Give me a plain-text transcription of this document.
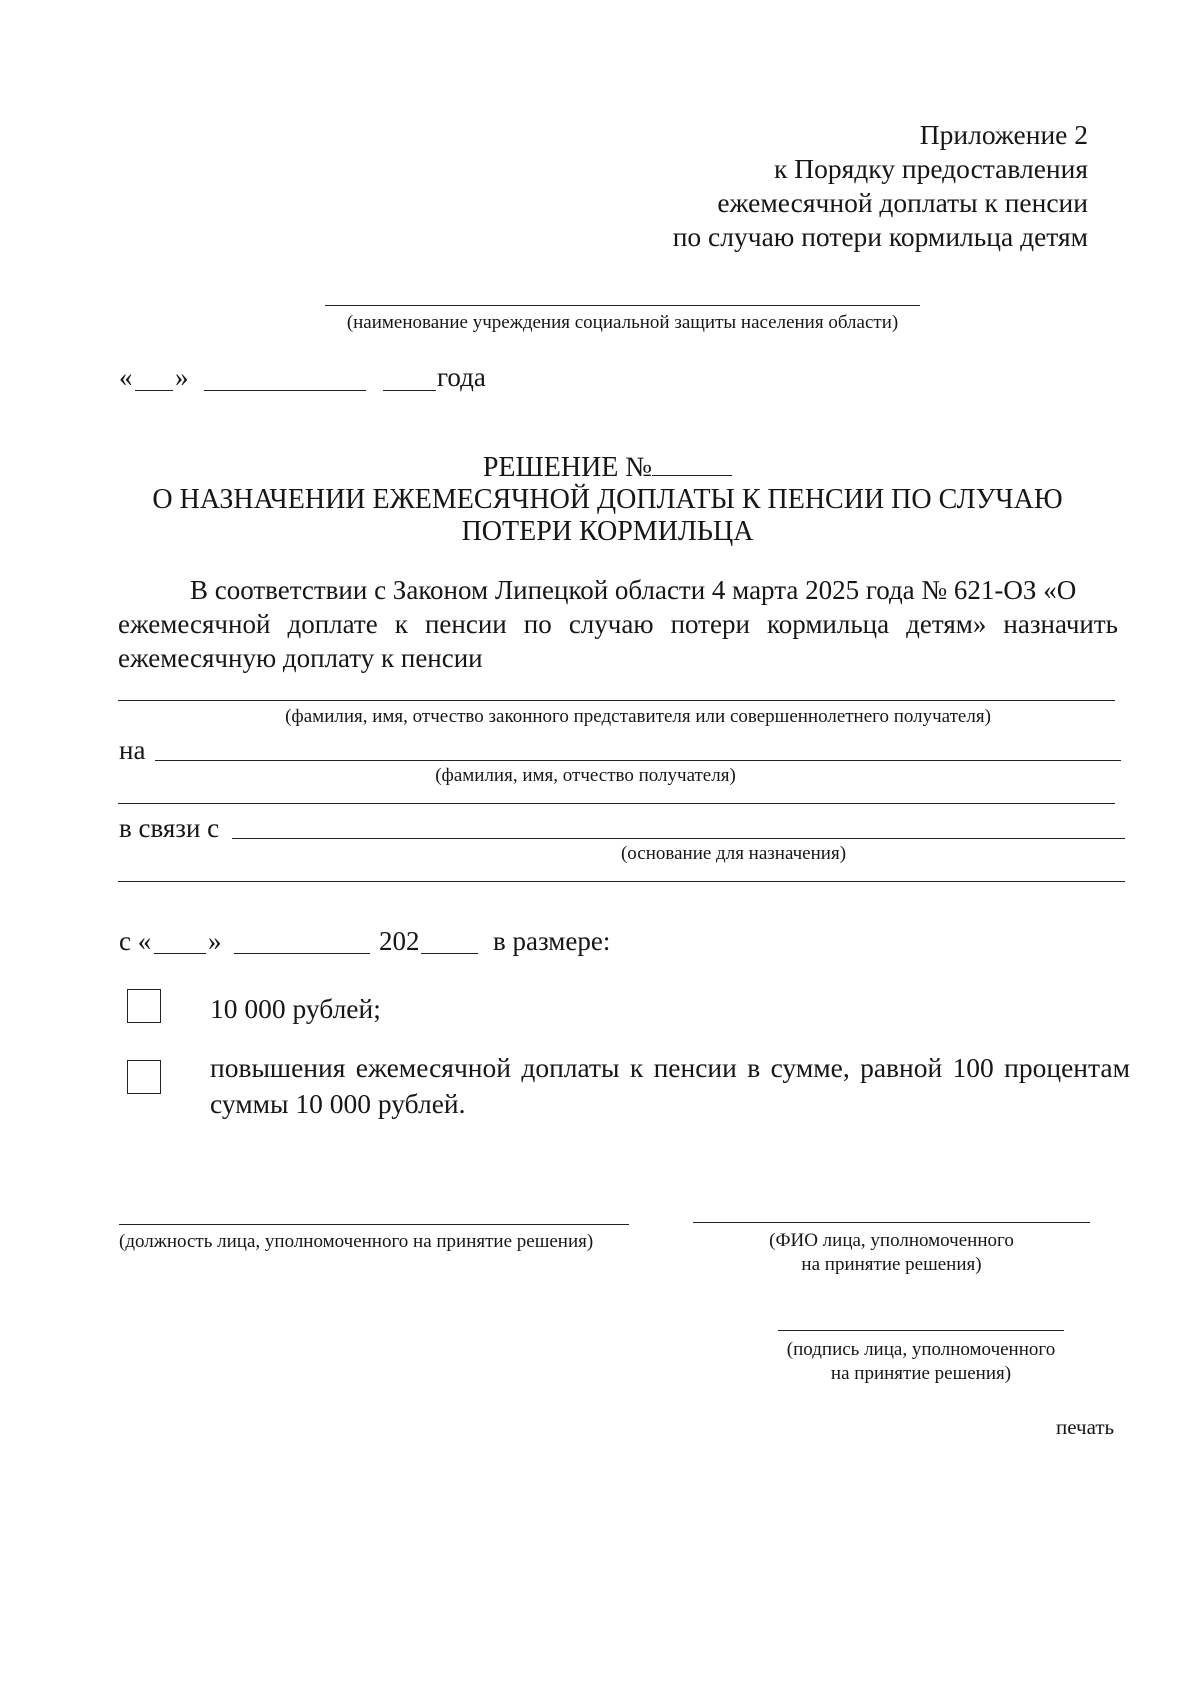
Приложение 2
к Порядку предоставления
ежемесячной доплаты к пенсии
по случаю потери кормильца детям
(наименование учреждения социальной защиты населения области)
« »	года
РЕШЕНИЕ №
О НАЗНАЧЕНИИ ЕЖЕМЕСЯЧНОЙ ДОПЛАТЫ К ПЕНСИИ ПО СЛУЧАЮ
ПОТЕРИ КОРМИЛЬЦА
В соответствии с Законом Липецкой области 4 марта 2025 года № 621-ОЗ «О
ежемесячной доплате к пенсии по случаю потери кормильца детям» назначить
ежемесячную доплату к пенсии
(фамилия, имя, отчество законного представителя или совершеннолетнего получателя)
на
(фамилия, имя, отчество получателя)
в связи с
(основание для назначения)
с « »	202	в размере:
10 000 рублей;
повышения ежемесячной доплаты к пенсии в сумме, равной 100 процентам
суммы 10 000 рублей.
(должность лица, уполномоченного на принятие решения)	(ФИО лица, уполномоченного
на принятие решения)
(подпись лица, уполномоченного
на принятие решения)
печать
